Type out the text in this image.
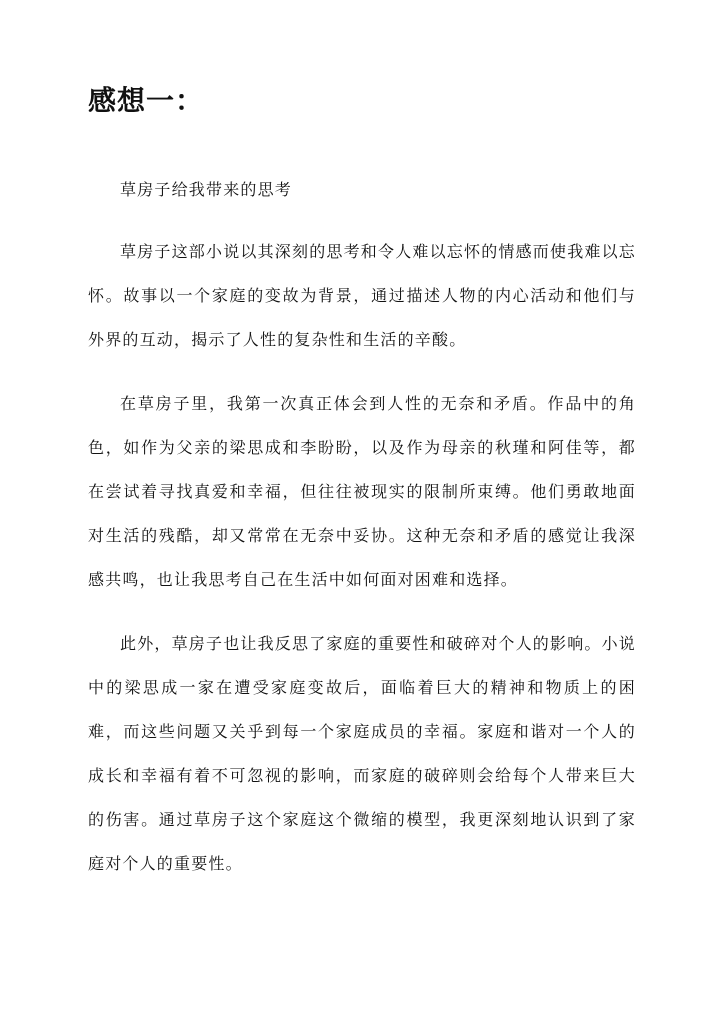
感想一：

草房子给我带来的思考

草房子这部小说以其深刻的思考和令人难以忘怀的情感而使我难以忘怀。故事以一个家庭的变故为背景，通过描述人物的内心活动和他们与外界的互动，揭示了人性的复杂性和生活的辛酸。

在草房子里，我第一次真正体会到人性的无奈和矛盾。作品中的角色，如作为父亲的梁思成和李盼盼，以及作为母亲的秋瑾和阿佳等，都在尝试着寻找真爱和幸福，但往往被现实的限制所束缚。他们勇敢地面对生活的残酷，却又常常在无奈中妥协。这种无奈和矛盾的感觉让我深感共鸣，也让我思考自己在生活中如何面对困难和选择。

此外，草房子也让我反思了家庭的重要性和破碎对个人的影响。小说中的梁思成一家在遭受家庭变故后，面临着巨大的精神和物质上的困难，而这些问题又关乎到每一个家庭成员的幸福。家庭和谐对一个人的成长和幸福有着不可忽视的影响，而家庭的破碎则会给每个人带来巨大的伤害。通过草房子这个家庭这个微缩的模型，我更深刻地认识到了家庭对个人的重要性。
